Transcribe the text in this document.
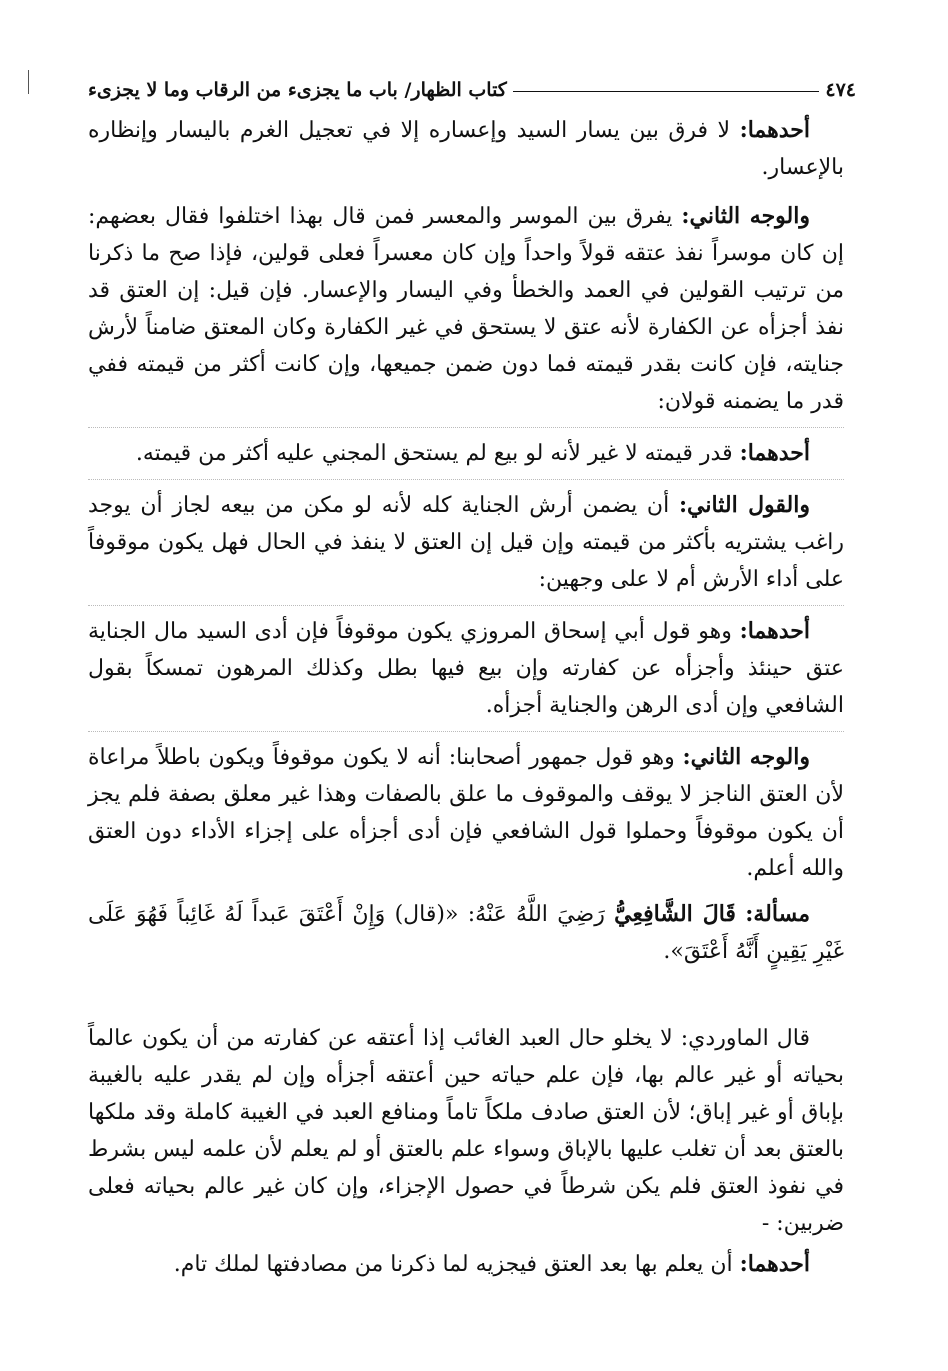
٤٧٤
كتاب الظهار/ باب ما يجزىء من الرقاب وما لا يجزىء

أحدهما: لا فرق بين يسار السيد وإعساره إلا في تعجيل الغرم باليسار وإنظاره بالإعسار.

والوجه الثاني: يفرق بين الموسر والمعسر فمن قال بهذا اختلفوا فقال بعضهم: إن كان موسراً نفذ عتقه قولاً واحداً وإن كان معسراً فعلى قولين، فإذا صح ما ذكرنا من ترتيب القولين في العمد والخطأ وفي اليسار والإعسار. فإن قيل: إن العتق قد نفذ أجزأه عن الكفارة لأنه عتق لا يستحق في غير الكفارة وكان المعتق ضامناً لأرش جنايته، فإن كانت بقدر قيمته فما دون ضمن جميعها، وإن كانت أكثر من قيمته ففي قدر ما يضمنه قولان:

أحدهما: قدر قيمته لا غير لأنه لو بيع لم يستحق المجني عليه أكثر من قيمته.

والقول الثاني: أن يضمن أرش الجناية كله لأنه لو مكن من بيعه لجاز أن يوجد راغب يشتريه بأكثر من قيمته وإن قيل إن العتق لا ينفذ في الحال فهل يكون موقوفاً على أداء الأرش أم لا على وجهين:

أحدهما: وهو قول أبي إسحاق المروزي يكون موقوفاً فإن أدى السيد مال الجناية عتق حينئذ وأجزأه عن كفارته وإن بيع فيها بطل وكذلك المرهون تمسكاً بقول الشافعي وإن أدى الرهن والجناية أجزأه.

والوجه الثاني: وهو قول جمهور أصحابنا: أنه لا يكون موقوفاً ويكون باطلاً مراعاة لأن العتق الناجز لا يوقف والموقوف ما علق بالصفات وهذا غير معلق بصفة فلم يجز أن يكون موقوفاً وحملوا قول الشافعي فإن أدى أجزأه على إجزاء الأداء دون العتق والله أعلم.

مسألة: قَالَ الشَّافِعِيُّ رَضِيَ اللَّهُ عَنْهُ: «(قال) وَإِنْ أَعْتَقَ عَبداً لَهُ غَائِباً فَهُوَ عَلَى غَيْرِ يَقِينٍ أَنَّهُ أَعْتَقَ».

قال الماوردي: لا يخلو حال العبد الغائب إذا أعتقه عن كفارته من أن يكون عالماً بحياته أو غير عالم بها، فإن علم حياته حين أعتقه أجزأه وإن لم يقدر عليه بالغيبة بإباق أو غير إباق؛ لأن العتق صادف ملكاً تاماً ومنافع العبد في الغيبة كاملة وقد ملكها بالعتق بعد أن تغلب عليها بالإباق وسواء علم بالعتق أو لم يعلم لأن علمه ليس بشرط في نفوذ العتق فلم يكن شرطاً في حصول الإجزاء، وإن كان غير عالم بحياته فعلى ضربين: -

أحدهما: أن يعلم بها بعد العتق فيجزيه لما ذكرنا من مصادفتها لملك تام.
